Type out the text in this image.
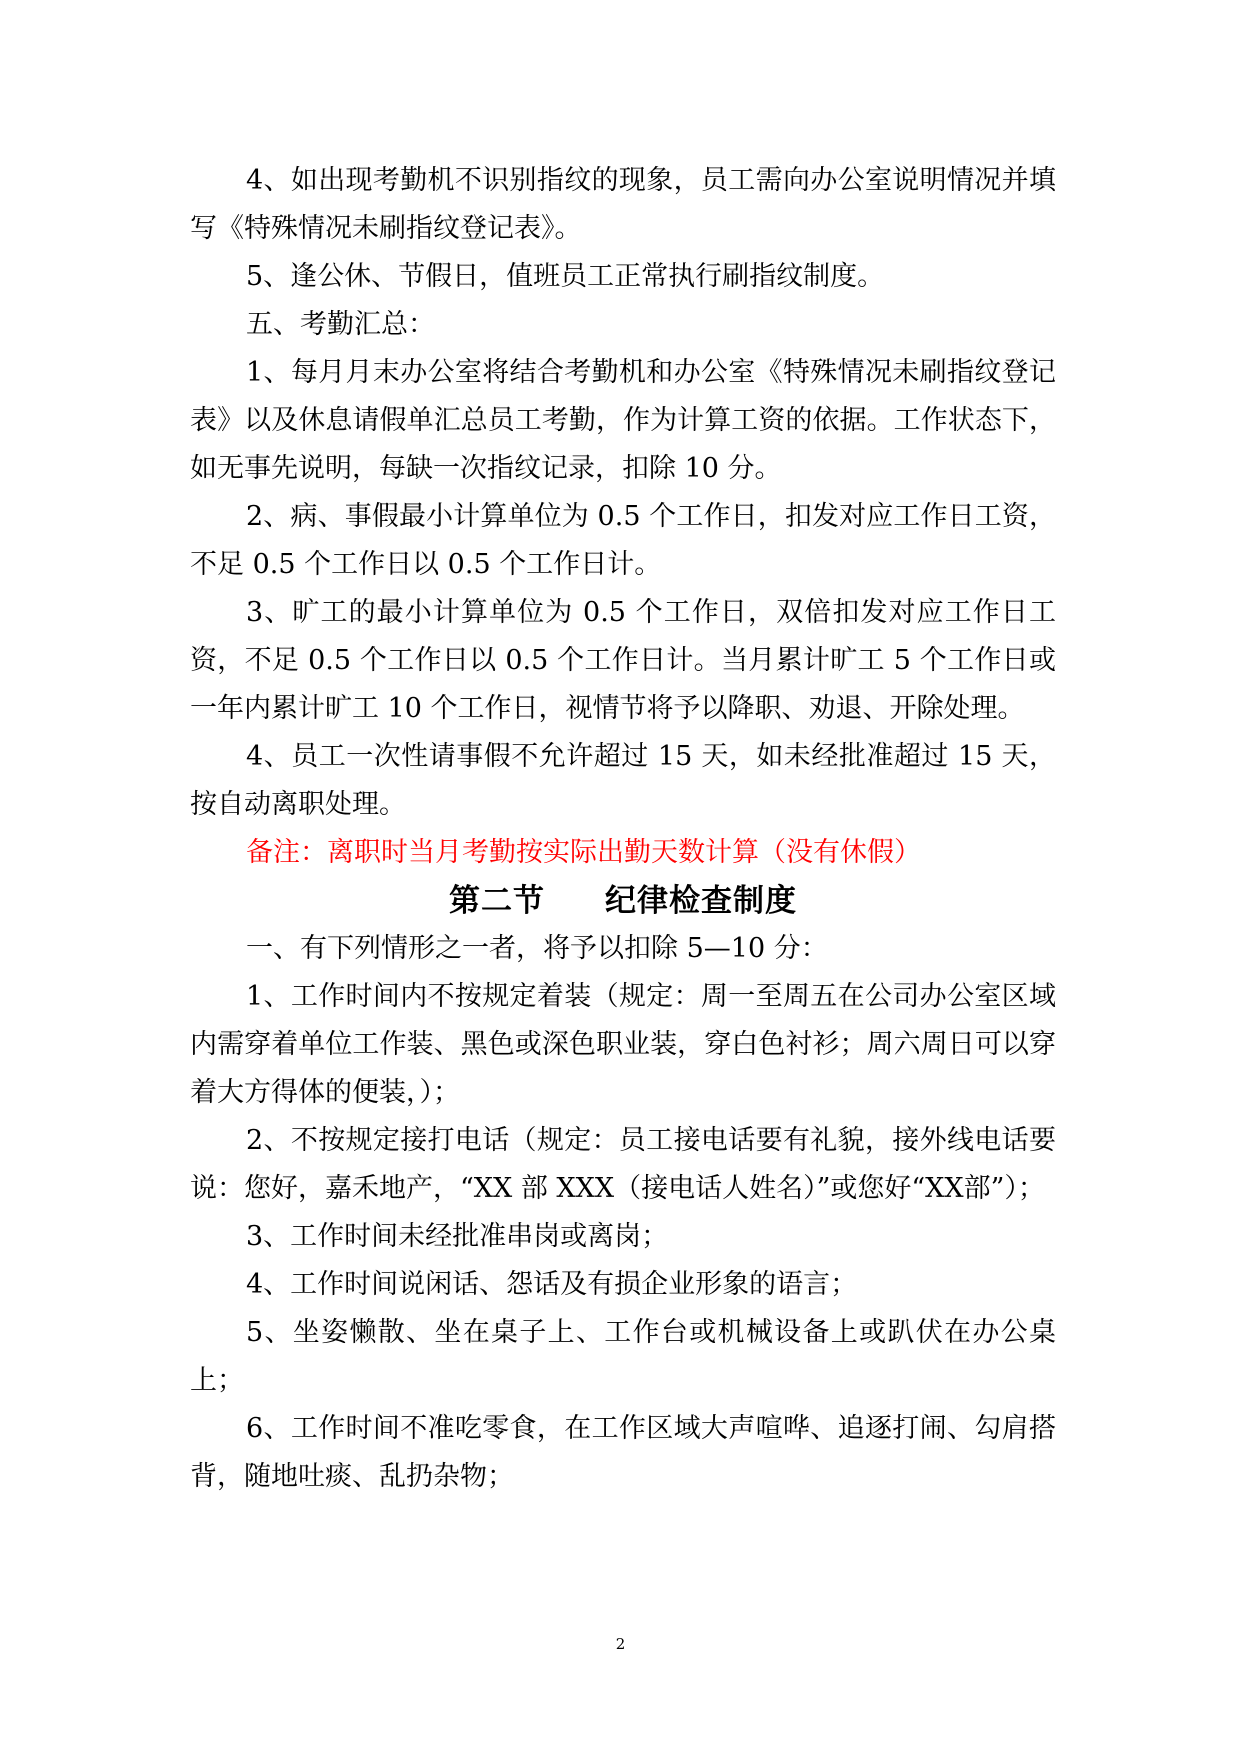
4、如出现考勤机不识别指纹的现象，员工需向办公室说明情况并填写《特殊情况未刷指纹登记表》。

5、逢公休、节假日，值班员工正常执行刷指纹制度。

五、考勤汇总：

1、每月月末办公室将结合考勤机和办公室《特殊情况未刷指纹登记表》以及休息请假单汇总员工考勤，作为计算工资的依据。工作状态下，如无事先说明，每缺一次指纹记录，扣除 10 分。

2、病、事假最小计算单位为 0.5 个工作日，扣发对应工作日工资，不足 0.5 个工作日以 0.5 个工作日计。

3、旷工的最小计算单位为 0.5 个工作日，双倍扣发对应工作日工资，不足 0.5 个工作日以 0.5 个工作日计。当月累计旷工 5 个工作日或一年内累计旷工 10 个工作日，视情节将予以降职、劝退、开除处理。

4、员工一次性请事假不允许超过 15 天，如未经批准超过 15 天，按自动离职处理。

备注：离职时当月考勤按实际出勤天数计算（没有休假）

第二节 纪律检查制度

一、有下列情形之一者，将予以扣除 5—10 分：

1、工作时间内不按规定着装（规定：周一至周五在公司办公室区域内需穿着单位工作装、黑色或深色职业装，穿白色衬衫；周六周日可以穿着大方得体的便装，）；

2、不按规定接打电话（规定：员工接电话要有礼貌，接外线电话要说：您好，嘉禾地产，“XX 部 XXX（接电话人姓名）”或您好“XX部”）；

3、工作时间未经批准串岗或离岗；

4、工作时间说闲话、怨话及有损企业形象的语言；

5、坐姿懒散、坐在桌子上、工作台或机械设备上或趴伏在办公桌上；

6、工作时间不准吃零食，在工作区域大声喧哗、追逐打闹、勾肩搭背，随地吐痰、乱扔杂物；

2
